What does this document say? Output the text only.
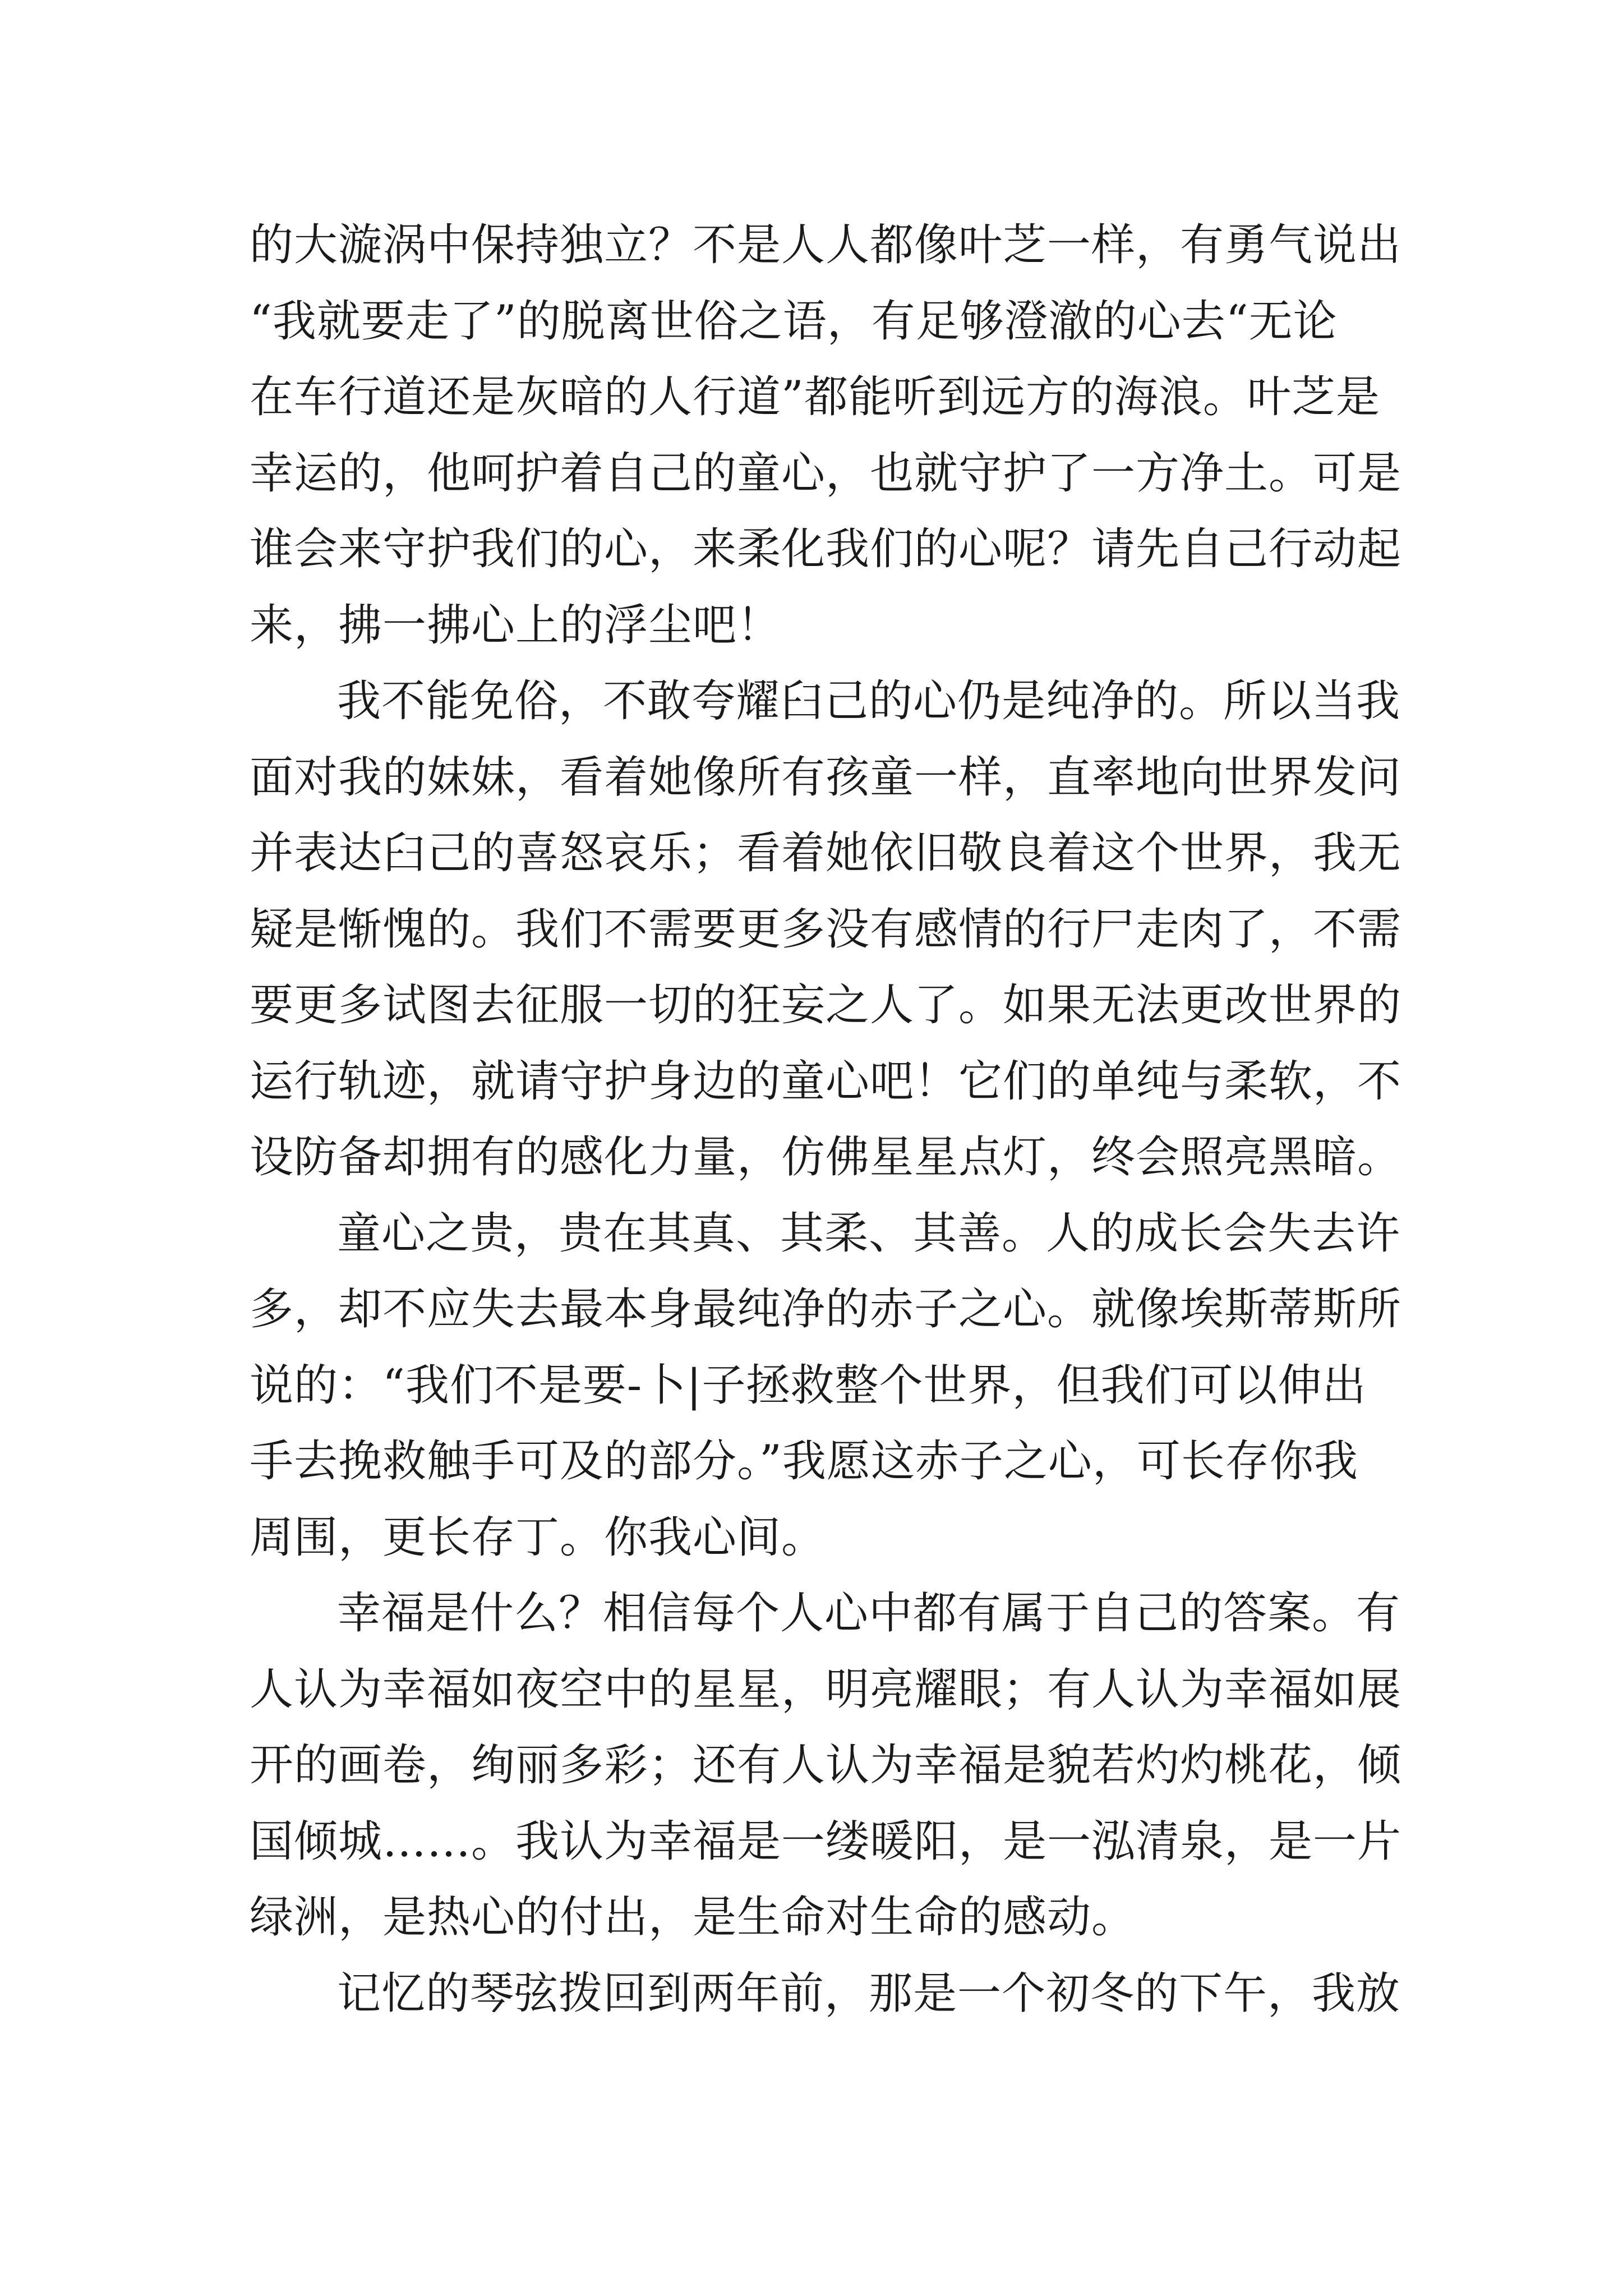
的大漩涡中保持独立？不是人人都像叶芝一样，有勇气说出
“我就要走了”的脱离世俗之语，有足够澄澈的心去“无论
在车行道还是灰暗的人行道”都能听到远方的海浪。叶芝是
幸运的，他呵护着自己的童心，也就守护了一方净土。可是
谁会来守护我们的心，来柔化我们的心呢？请先自己行动起
来，拂一拂心上的浮尘吧！
我不能免俗，不敢夸耀臼己的心仍是纯净的。所以当我
面对我的妹妹，看着她像所有孩童一样，直率地向世界发问
并表达臼己的喜怒哀乐；看着她依旧敬良着这个世界，我无
疑是惭愧的。我们不需要更多没有感情的行尸走肉了，不需
要更多试图去征服一切的狂妄之人了。如果无法更改世界的
运行轨迹，就请守护身边的童心吧！它们的单纯与柔软，不
设防备却拥有的感化力量，仿佛星星点灯，终会照亮黑暗。
童心之贵，贵在其真、其柔、其善。人的成长会失去许
多，却不应失去最本身最纯净的赤子之心。就像埃斯蒂斯所
说的：“我们不是要-卜|子拯救整个世界，但我们可以伸出
手去挽救触手可及的部分。”我愿这赤子之心，可长存你我
周围，更长存丁。你我心间。
幸福是什么？相信每个人心中都有属于自己的答案。有
人认为幸福如夜空中的星星，明亮耀眼；有人认为幸福如展
开的画卷，绚丽多彩；还有人认为幸福是貌若灼灼桃花，倾
国倾城……。我认为幸福是一缕暖阳，是一泓清泉，是一片
绿洲，是热心的付出，是生命对生命的感动。
记忆的琴弦拨回到两年前，那是一个初冬的下午，我放
